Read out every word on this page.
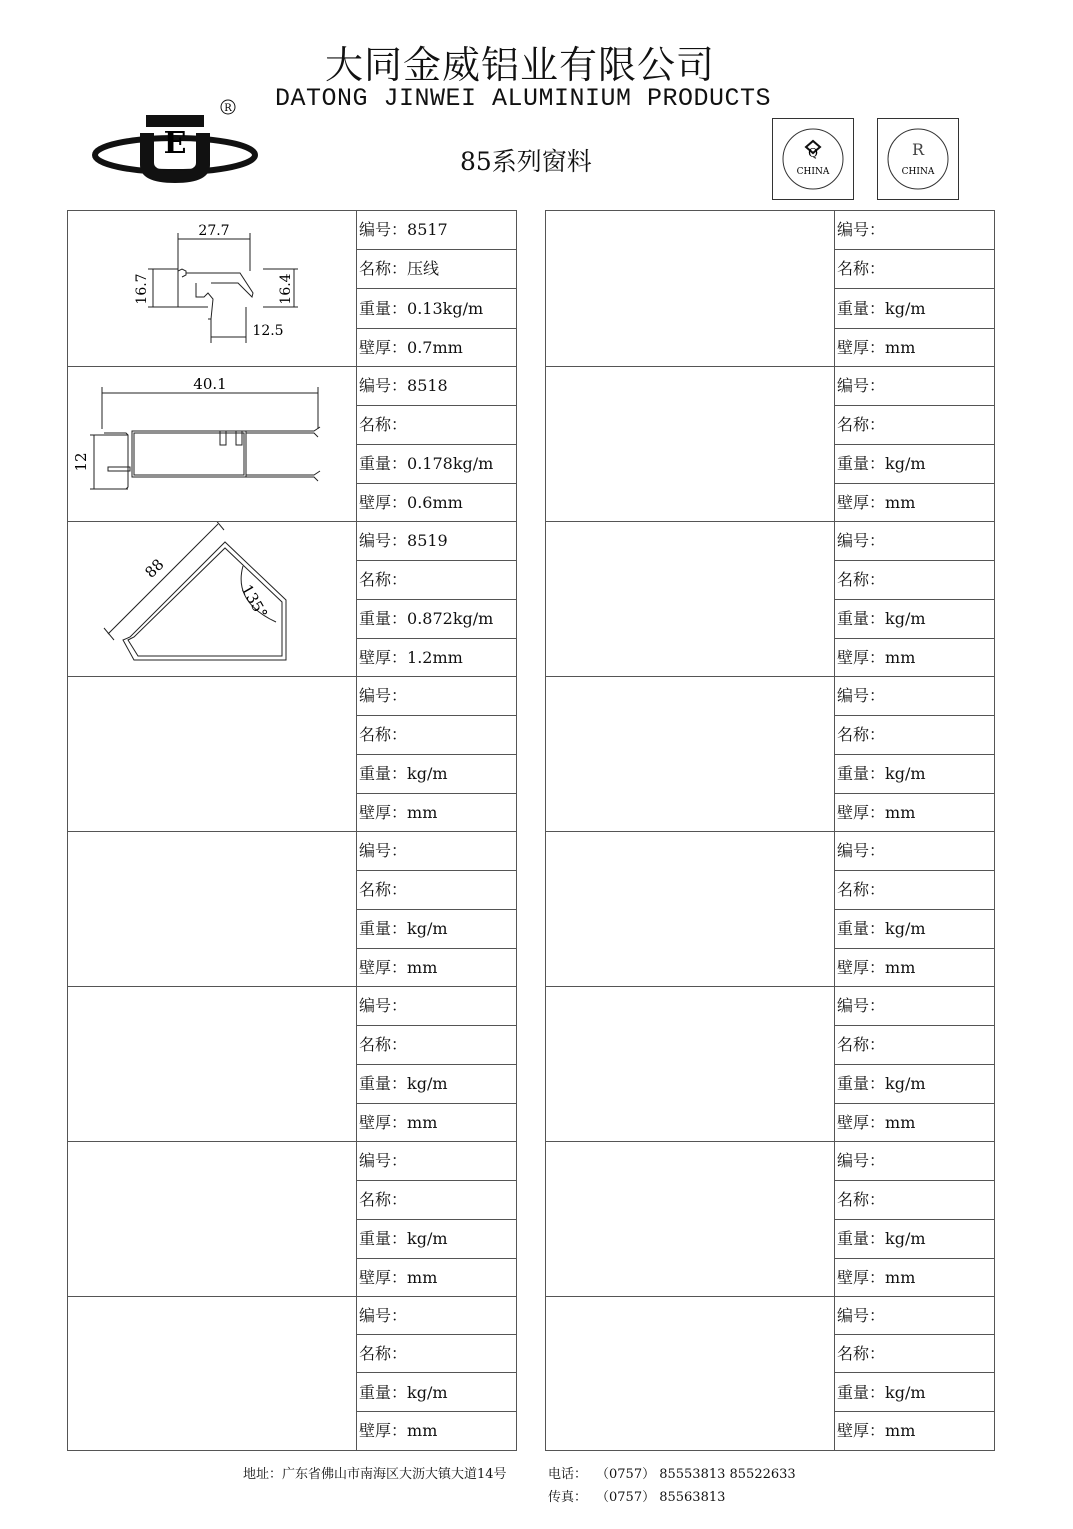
大同金威铝业有限公司
DATONG JINWEI ALUMINIUM PRODUCTS
85系列窗料
E
R
Q
CHINA
R
CHINA
27.7
16.7	16.4
12.5
编号： 8517
名称： 压线
重量： 0.13kg/m
壁厚： 0.7mm
40.1
12
编号： 8518
名称：
重量： 0.178kg/m
壁厚： 0.6mm
88
135°
编号： 8519
名称：
重量： 0.872kg/m
壁厚： 1.2mm
编号：
名称：
重量： kg/m
壁厚： mm
编号：
名称：
重量： kg/m
壁厚： mm
编号：
名称：
重量： kg/m
壁厚： mm
编号：
名称：
重量： kg/m
壁厚： mm
编号：
名称：
重量： kg/m
壁厚： mm
编号：
名称：
重量： kg/m
壁厚： mm
编号：
名称：
重量： kg/m
壁厚： mm
编号：
名称：
重量： kg/m
壁厚： mm
编号：
名称：
重量： kg/m
壁厚： mm
编号：
名称：
重量： kg/m
壁厚： mm
编号：
名称：
重量： kg/m
壁厚： mm
编号：
名称：
重量： kg/m
壁厚： mm
编号：
名称：
重量： kg/m
壁厚： mm
地址：广东省佛山市南海区大沥大镇大道14号	电话： （0757） 85553813 85522633
传真： （0757） 85563813
